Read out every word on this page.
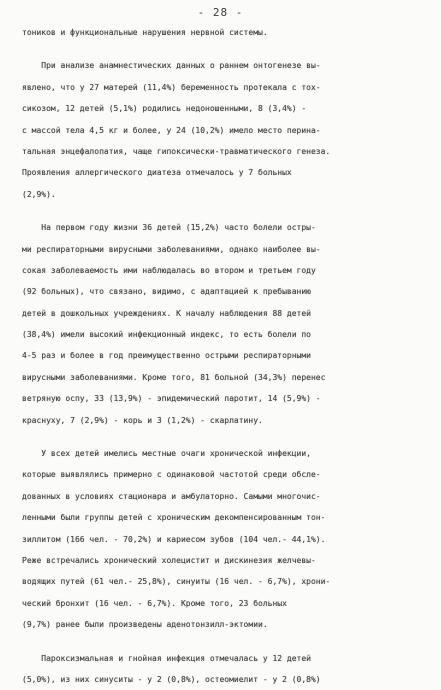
- 28 -
тоников и функциональные нарушения нервной системы.
При анализе анамнестических данных о раннем онтогенезе вы-
явлено, что у 27 матерей (11,4%) беременность протекала с тох-
сикозом, 12 детей (5,1%) родились недоношенными, 8 (3,4%) -
с массой тела 4,5 кг и более, у 24 (10,2%) имело место перина-
тальная энцефалопатия, чаще гипоксически-травматического генеза.
Проявления аллергического диатеза отмечалось у 7 больных
(2,9%).
На первом году жизни 36 детей (15,2%) часто болели остры-
ми респираторными вирусными заболеваниями, однако наиболее вы-
сокая заболеваемость ими наблюдалась во втором и третьем году
(92 больных), что связано, видимо, с адаптацией к пребыванию
детей в дошкольных учреждениях. К началу наблюдения 88 детей
(38,4%) имели высокий инфекционный индекс, то есть болели по
4-5 раз и более в год преимущественно острыми респираторными
вирусными заболеваниями. Кроме того, 81 больной (34,3%) перенес
ветряную оспу, 33 (13,9%) - эпидемический паротит, 14 (5,9%) -
краснуху, 7 (2,9%) - корь и 3 (1,2%) - скарлатину.
У всех детей имелись местные очаги хронической инфекции,
которые выявлялись примерно с одинаковой частотой среди обсле-
дованных в условиях стационара и амбулаторно. Самыми многочис-
ленными были группы детей с хроническим декомпенсированным тон-
зиллитом (166 чел. - 70,2%) и кариесом зубов (104 чел.- 44,1%).
Реже встречались хронический холецистит и дискинезия желчевы-
водящих путей (61 чел.- 25,8%), синуиты (16 чел. - 6,7%), хрони-
ческий бронхит (16 чел. - 6,7%). Кроме того, 23 больных
(9,7%) ранее были произведены аденотонзилл-эктомии.
Пароксизмальная и гнойная инфекция отмечалась у 12 детей
(5,0%), из них синуситы - у 2 (0,8%), остеомиелит - у 2 (0,8%)
